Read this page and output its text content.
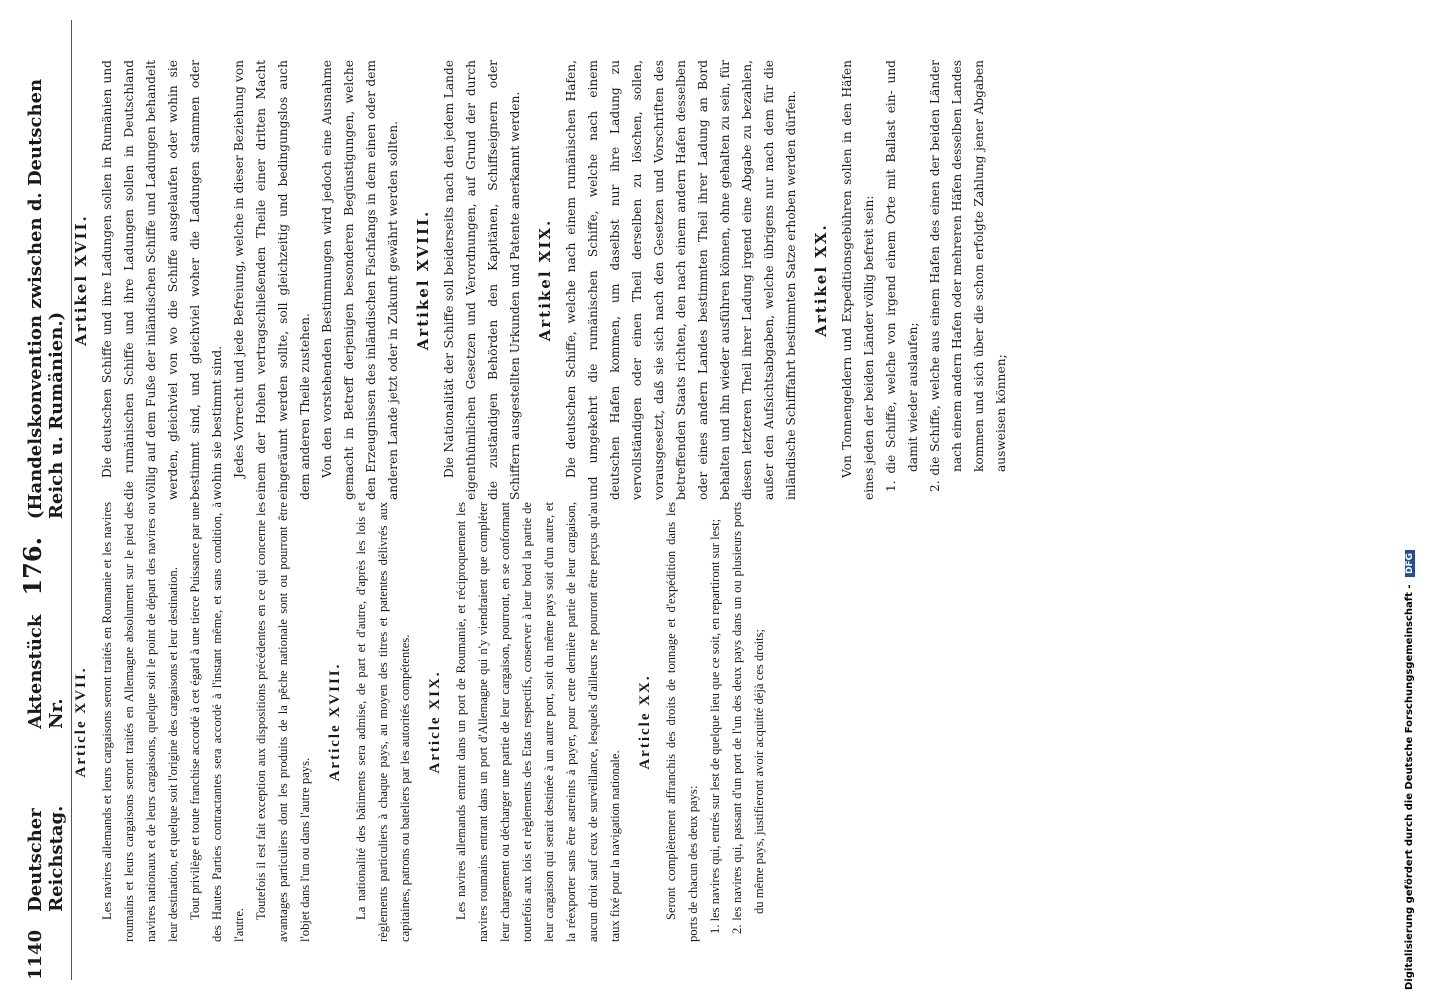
1140
Deutscher Reichstag.
Aktenstück Nr.
176.
(Handelskonvention zwischen d. Deutschen Reich u. Rumänien.)
Article XVII. Les navires allemands et leurs cargaisons seront traités en Roumanie et les navires roumains et leurs cargaisons seront traités en Allemagne absolument sur le pied des navires nationaux et de leurs cargaisons, quelque soit le point de départ des navires ou leur destination, et quelque soit l'origine des cargaisons et leur destination. Tout privilège et toute franchise accordé à cet égard à une tierce Puissance par une des Hautes Parties contractantes sera accordé à l'instant même, et sans condition, à l'autre.

Toutefois il est fait exception aux dispositions précédentes en ce qui concerne les avantages particuliers dont les produits de la pêche nationale sont ou pourront être l'objet dans l'un ou dans l'autre pays.

Article XVIII. La nationalité des bâtiments sera admise, de part et d'autre, d'après les lois et règlements particuliers à chaque pays, au moyen des titres et patentes délivrés aux capitaines, patrons ou bateliers par les autorités compétentes. Article XIX. Les navires allemands entrant dans un port de Roumanie, et réciproquement les navires roumains entrant dans un port d'Allemagne qui n'y viendraient que compléter leur chargement ou décharger une partie de leur cargaison, pourront, en se conformant toutefois aux lois et règlements des Etats respectifs, conserver à leur bord la partie de leur cargaison qui serait destinée à un autre port, soit du même pays soit d'un autre, et la réexporter sans être astreints à payer, pour cette dernière partie de leur cargaison, aucun droit sauf ceux de surveillance, lesquels d'ailleurs ne pourront être perçus qu'au taux fixé pour la navigation nationale.

Article XX. Seront complètement affranchis des droits de tonnage et d'expédition dans les ports de chacun des deux pays: 1. les navires qui, entrés sur lest de quelque lieu que ce soit, en repartiront sur lest; 2. les navires qui, passant d'un port de l'un des deux pays dans un ou plusieurs ports du même pays, justifieront avoir acquitté déjà ces droits;

Artikel XVII. Die deutschen Schiffe und ihre Ladungen sollen in Rumänien und die rumänischen Schiffe und ihre Ladungen sollen in Deutschland völlig auf dem Fuße der inländischen Schiffe und Ladungen behandelt werden, gleichviel von wo die Schiffe ausgelaufen oder wohin sie bestimmt sind, und gleichviel woher die Ladungen stammen oder wohin sie bestimmt sind. Jedes Vorrecht und jede Befreiung, welche in dieser Beziehung von einem der Hohen vertragschließenden Theile einer dritten Macht eingeräumt werden sollte, soll gleichzeitig und bedingungslos auch dem anderen Theile zustehen. Von den vorstehenden Bestimmungen wird jedoch eine Ausnahme gemacht in Betreff derjenigen besonderen Begünstigungen, welche den Erzeugnissen des inländischen Fischfangs in dem einen oder dem anderen Lande jetzt oder in Zukunft gewährt werden sollten. Artikel XVIII. Die Nationalität der Schiffe soll beiderseits nach den jedem Lande eigenthümlichen Gesetzen und Verordnungen, auf Grund der durch die zuständigen Behörden den Kapitänen, Schiffseignern oder Schiffern ausgestellten Urkunden und Patente anerkannt werden. Artikel XIX. Die deutschen Schiffe, welche nach einem rumänischen Hafen, und umgekehrt die rumänischen Schiffe, welche nach einem deutschen Hafen kommen, um daselbst nur ihre Ladung zu vervollständigen oder einen Theil derselben zu löschen, sollen, vorausgesetzt, daß sie sich nach den Gesetzen und Vorschriften des betreffenden Staats richten, den nach einem andern Hafen desselben oder eines andern Landes bestimmten Theil ihrer Ladung an Bord behalten und ihn wieder ausführen können, ohne gehalten zu sein, für diesen letzteren Theil ihrer Ladung irgend eine Abgabe zu bezahlen, außer den Aufsichtsabgaben, welche übrigens nur nach dem für die inländische Schifffahrt bestimmten Satze erhoben werden dürfen. Artikel XX. Von Tonnengeldern und Expeditionsgebühren sollen in den Häfen eines jeden der beiden Länder völlig befreit sein: 1. die Schiffe, welche von irgend einem Orte mit Ballast ein- und damit wieder auslaufen; 2. die Schiffe, welche aus einem Hafen des einen der beiden Länder nach einem andern Hafen oder mehreren Häfen desselben Landes kommen und sich über die schon erfolgte Zahlung jener Abgaben ausweisen können;

Digitalisierung gefördert durch die Deutsche Forschungsgemeinschaft - DFG
